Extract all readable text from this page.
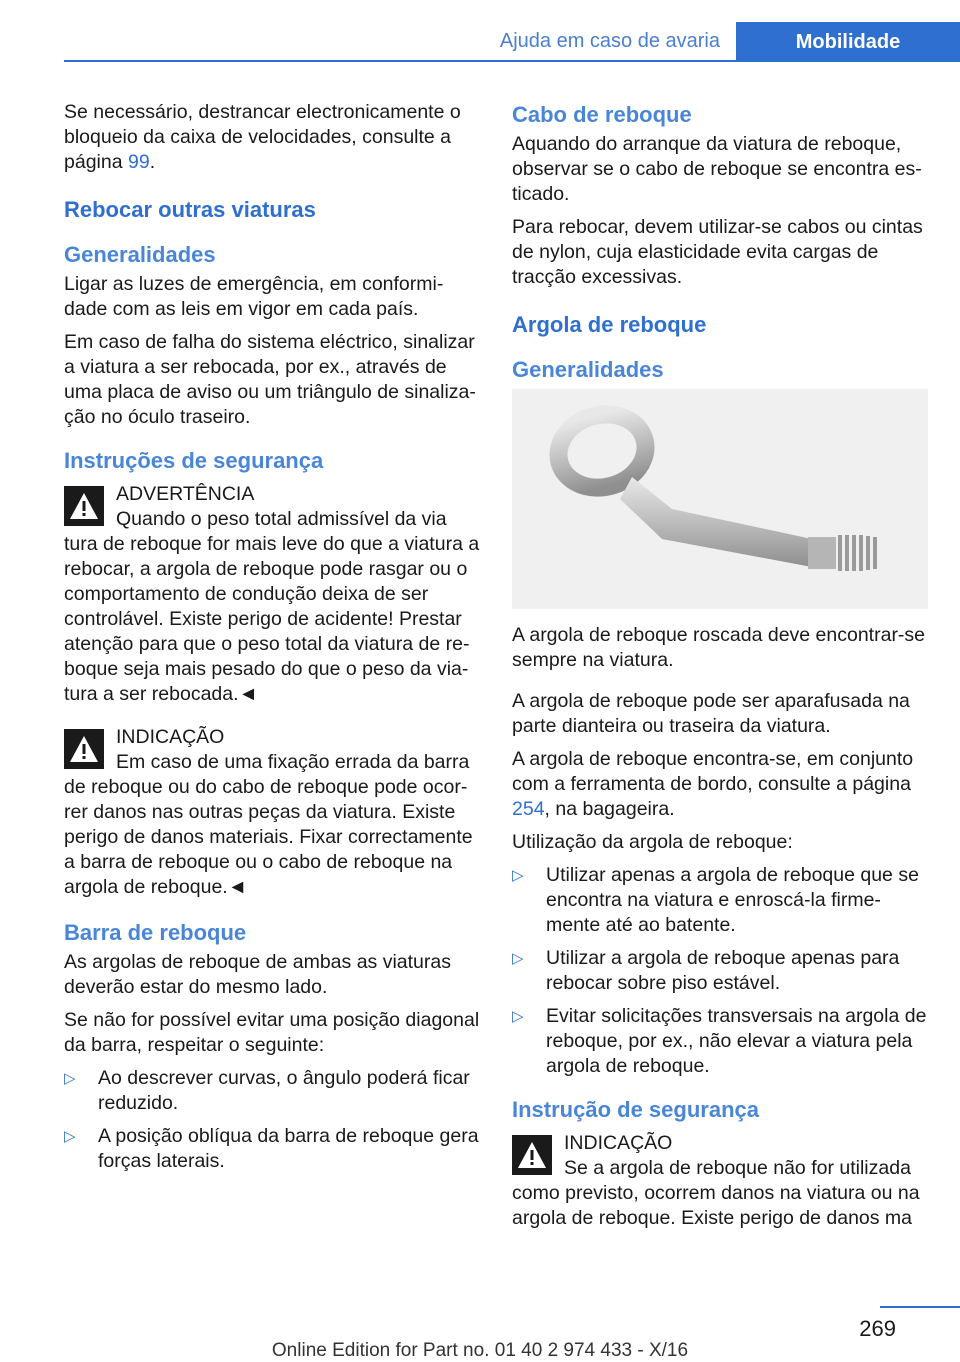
Ajuda em caso de avaria	Mobilidade

Se necessário, destrancar electronicamente o bloqueio da caixa de velocidades, consulte a página 99.

Rebocar outras viaturas
Generalidades

Ligar as luzes de emergência, em conformidade com as leis em vigor em cada país.

Em caso de falha do sistema eléctrico, sinalizar a viatura a ser rebocada, por ex., através de uma placa de aviso ou um triângulo de sinalização no óculo traseiro.

Instruções de segurança
ADVERTÊNCIA
Quando o peso total admissível da via
tura de reboque for mais leve do que a viatura a rebocar, a argola de reboque pode rasgar ou o comportamento de condução deixa de ser controlável. Existe perigo de acidente! Prestar atenção para que o peso total da viatura de reboque seja mais pesado do que o peso da viatura a ser rebocada.◄
INDICAÇÃO
Em caso de uma fixação errada da barra
de reboque ou do cabo de reboque pode ocorrer danos nas outras peças da viatura. Existe perigo de danos materiais. Fixar correctamente a barra de reboque ou o cabo de reboque na argola de reboque.◄
Barra de reboque

As argolas de reboque de ambas as viaturas deverão estar do mesmo lado.

Se não for possível evitar uma posição diagonal da barra, respeitar o seguinte:

▷ Ao descrever curvas, o ângulo poderá ficar reduzido.
▷ A posição oblíqua da barra de reboque gera forças laterais.
Cabo de reboque

Aquando do arranque da viatura de reboque, observar se o cabo de reboque se encontra esticado.

Para rebocar, devem utilizar-se cabos ou cintas de nylon, cuja elasticidade evita cargas de tracção excessivas.

Argola de reboque
Generalidades

A argola de reboque roscada deve encontrar-se sempre na viatura.

A argola de reboque pode ser aparafusada na parte dianteira ou traseira da viatura.

A argola de reboque encontra-se, em conjunto com a ferramenta de bordo, consulte a página 254, na bagageira.

Utilização da argola de reboque:

▷ Utilizar apenas a argola de reboque que se encontra na viatura e enroscá-la firmemente até ao batente.
▷ Utilizar a argola de reboque apenas para rebocar sobre piso estável.
▷ Evitar solicitações transversais na argola de reboque, por ex., não elevar a viatura pela argola de reboque.
Instrução de segurança
INDICAÇÃO
Se a argola de reboque não for utilizada
como previsto, ocorrem danos na viatura ou na argola de reboque. Existe perigo de danos ma
269
Online Edition for Part no. 01 40 2 974 433 - X/16
